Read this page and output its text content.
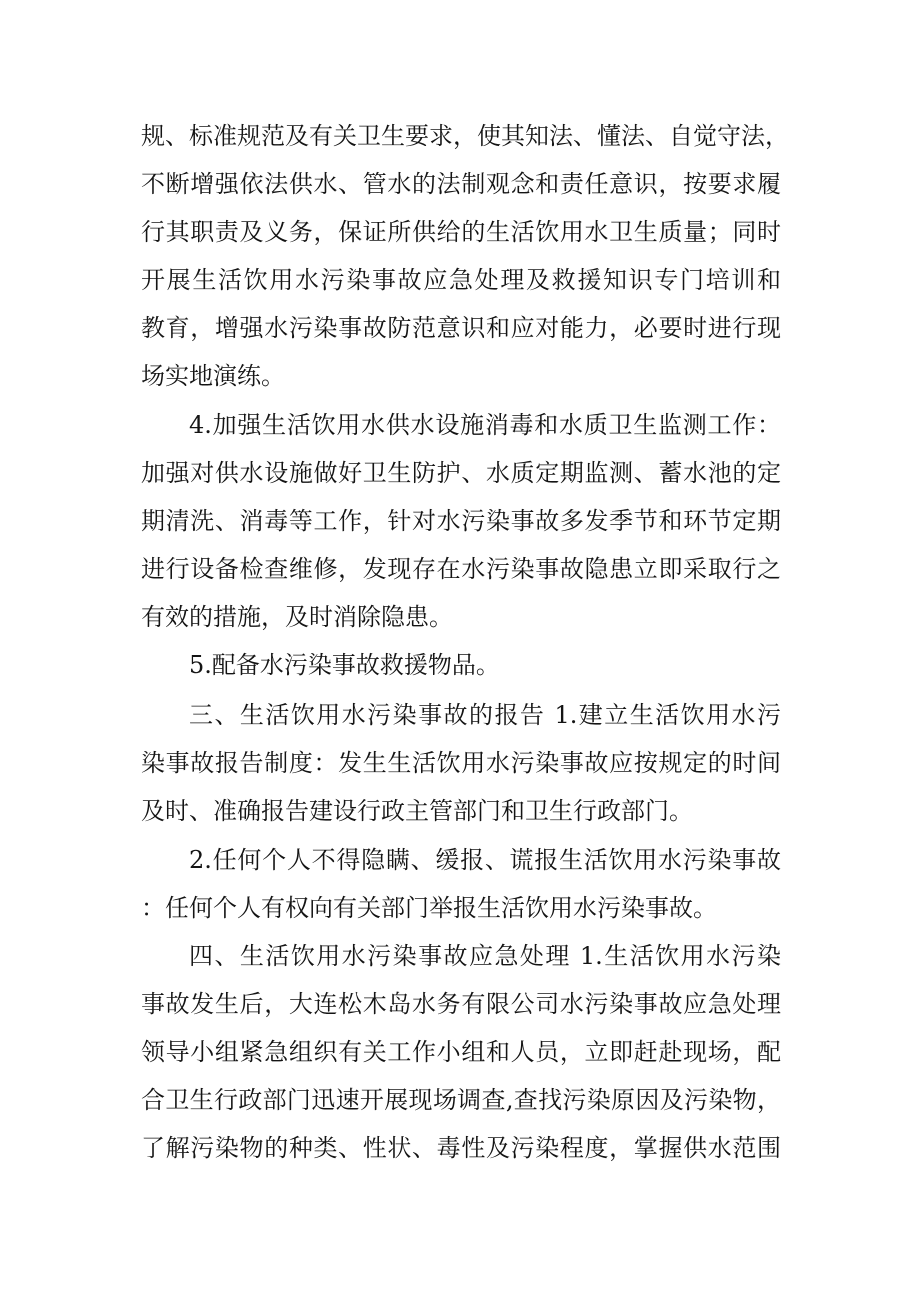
规、标准规范及有关卫生要求，使其知法、懂法、自觉守法，
不断增强依法供水、管水的法制观念和责任意识，按要求履
行其职责及义务，保证所供给的生活饮用水卫生质量；同时
开展生活饮用水污染事故应急处理及救援知识专门培训和
教育，增强水污染事故防范意识和应对能力，必要时进行现
场实地演练。
4.加强生活饮用水供水设施消毒和水质卫生监测工作：
加强对供水设施做好卫生防护、水质定期监测、蓄水池的定
期清洗、消毒等工作，针对水污染事故多发季节和环节定期
进行设备检查维修，发现存在水污染事故隐患立即采取行之
有效的措施，及时消除隐患。
5.配备水污染事故救援物品。
三、生活饮用水污染事故的报告 1.建立生活饮用水污
染事故报告制度：发生生活饮用水污染事故应按规定的时间
及时、准确报告建设行政主管部门和卫生行政部门。
2.任何个人不得隐瞒、缓报、谎报生活饮用水污染事故
：任何个人有权向有关部门举报生活饮用水污染事故。
四、生活饮用水污染事故应急处理 1.生活饮用水污染
事故发生后，大连松木岛水务有限公司水污染事故应急处理
领导小组紧急组织有关工作小组和人员，立即赶赴现场，配
合卫生行政部门迅速开展现场调查,查找污染原因及污染物，
了解污染物的种类、性状、毒性及污染程度，掌握供水范围
